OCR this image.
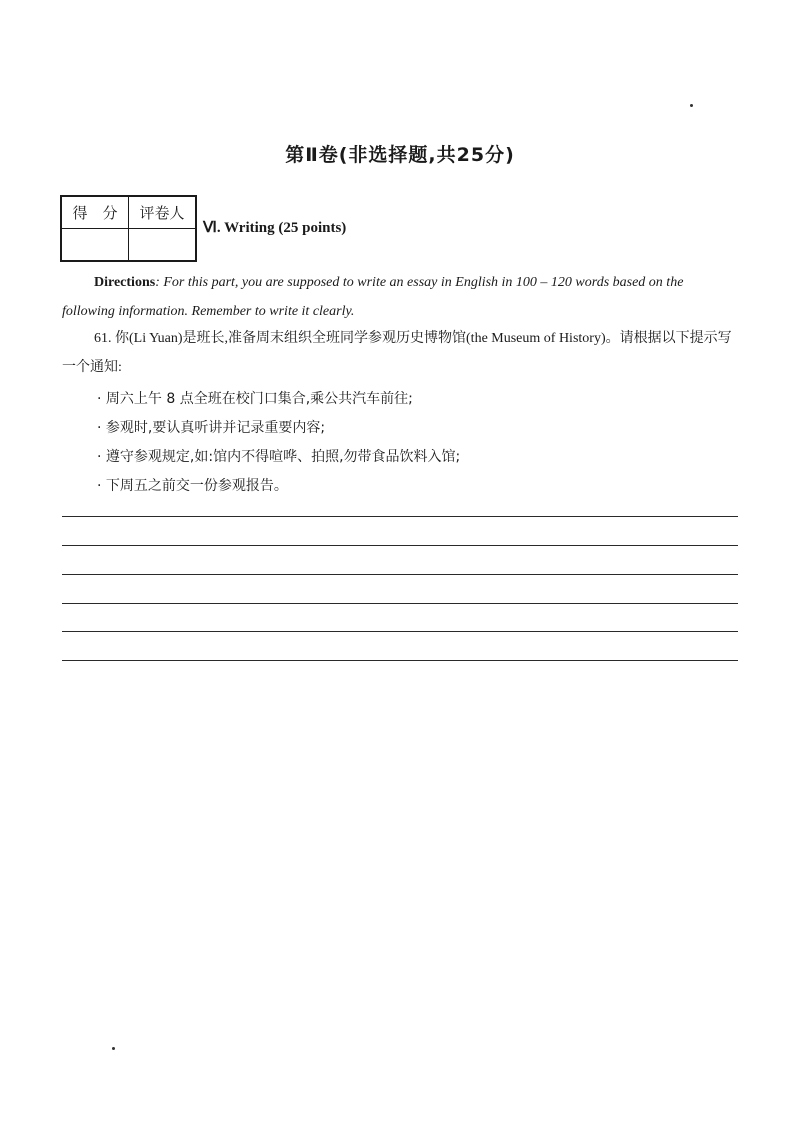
第Ⅱ卷(非选择题,共25分)
得　分	评卷人

Ⅵ. Writing (25 points)
Directions: For this part, you are supposed to write an essay in English in 100 – 120 words based on the following information. Remember to write it clearly.
61. 你(Li Yuan)是班长,准备周末组织全班同学参观历史博物馆(the Museum of History)。请根据以下提示写一个通知:
· 周六上午 8 点全班在校门口集合,乘公共汽车前往;
· 参观时,要认真听讲并记录重要内容;
· 遵守参观规定,如:馆内不得喧哗、拍照,勿带食品饮料入馆;
· 下周五之前交一份参观报告。
